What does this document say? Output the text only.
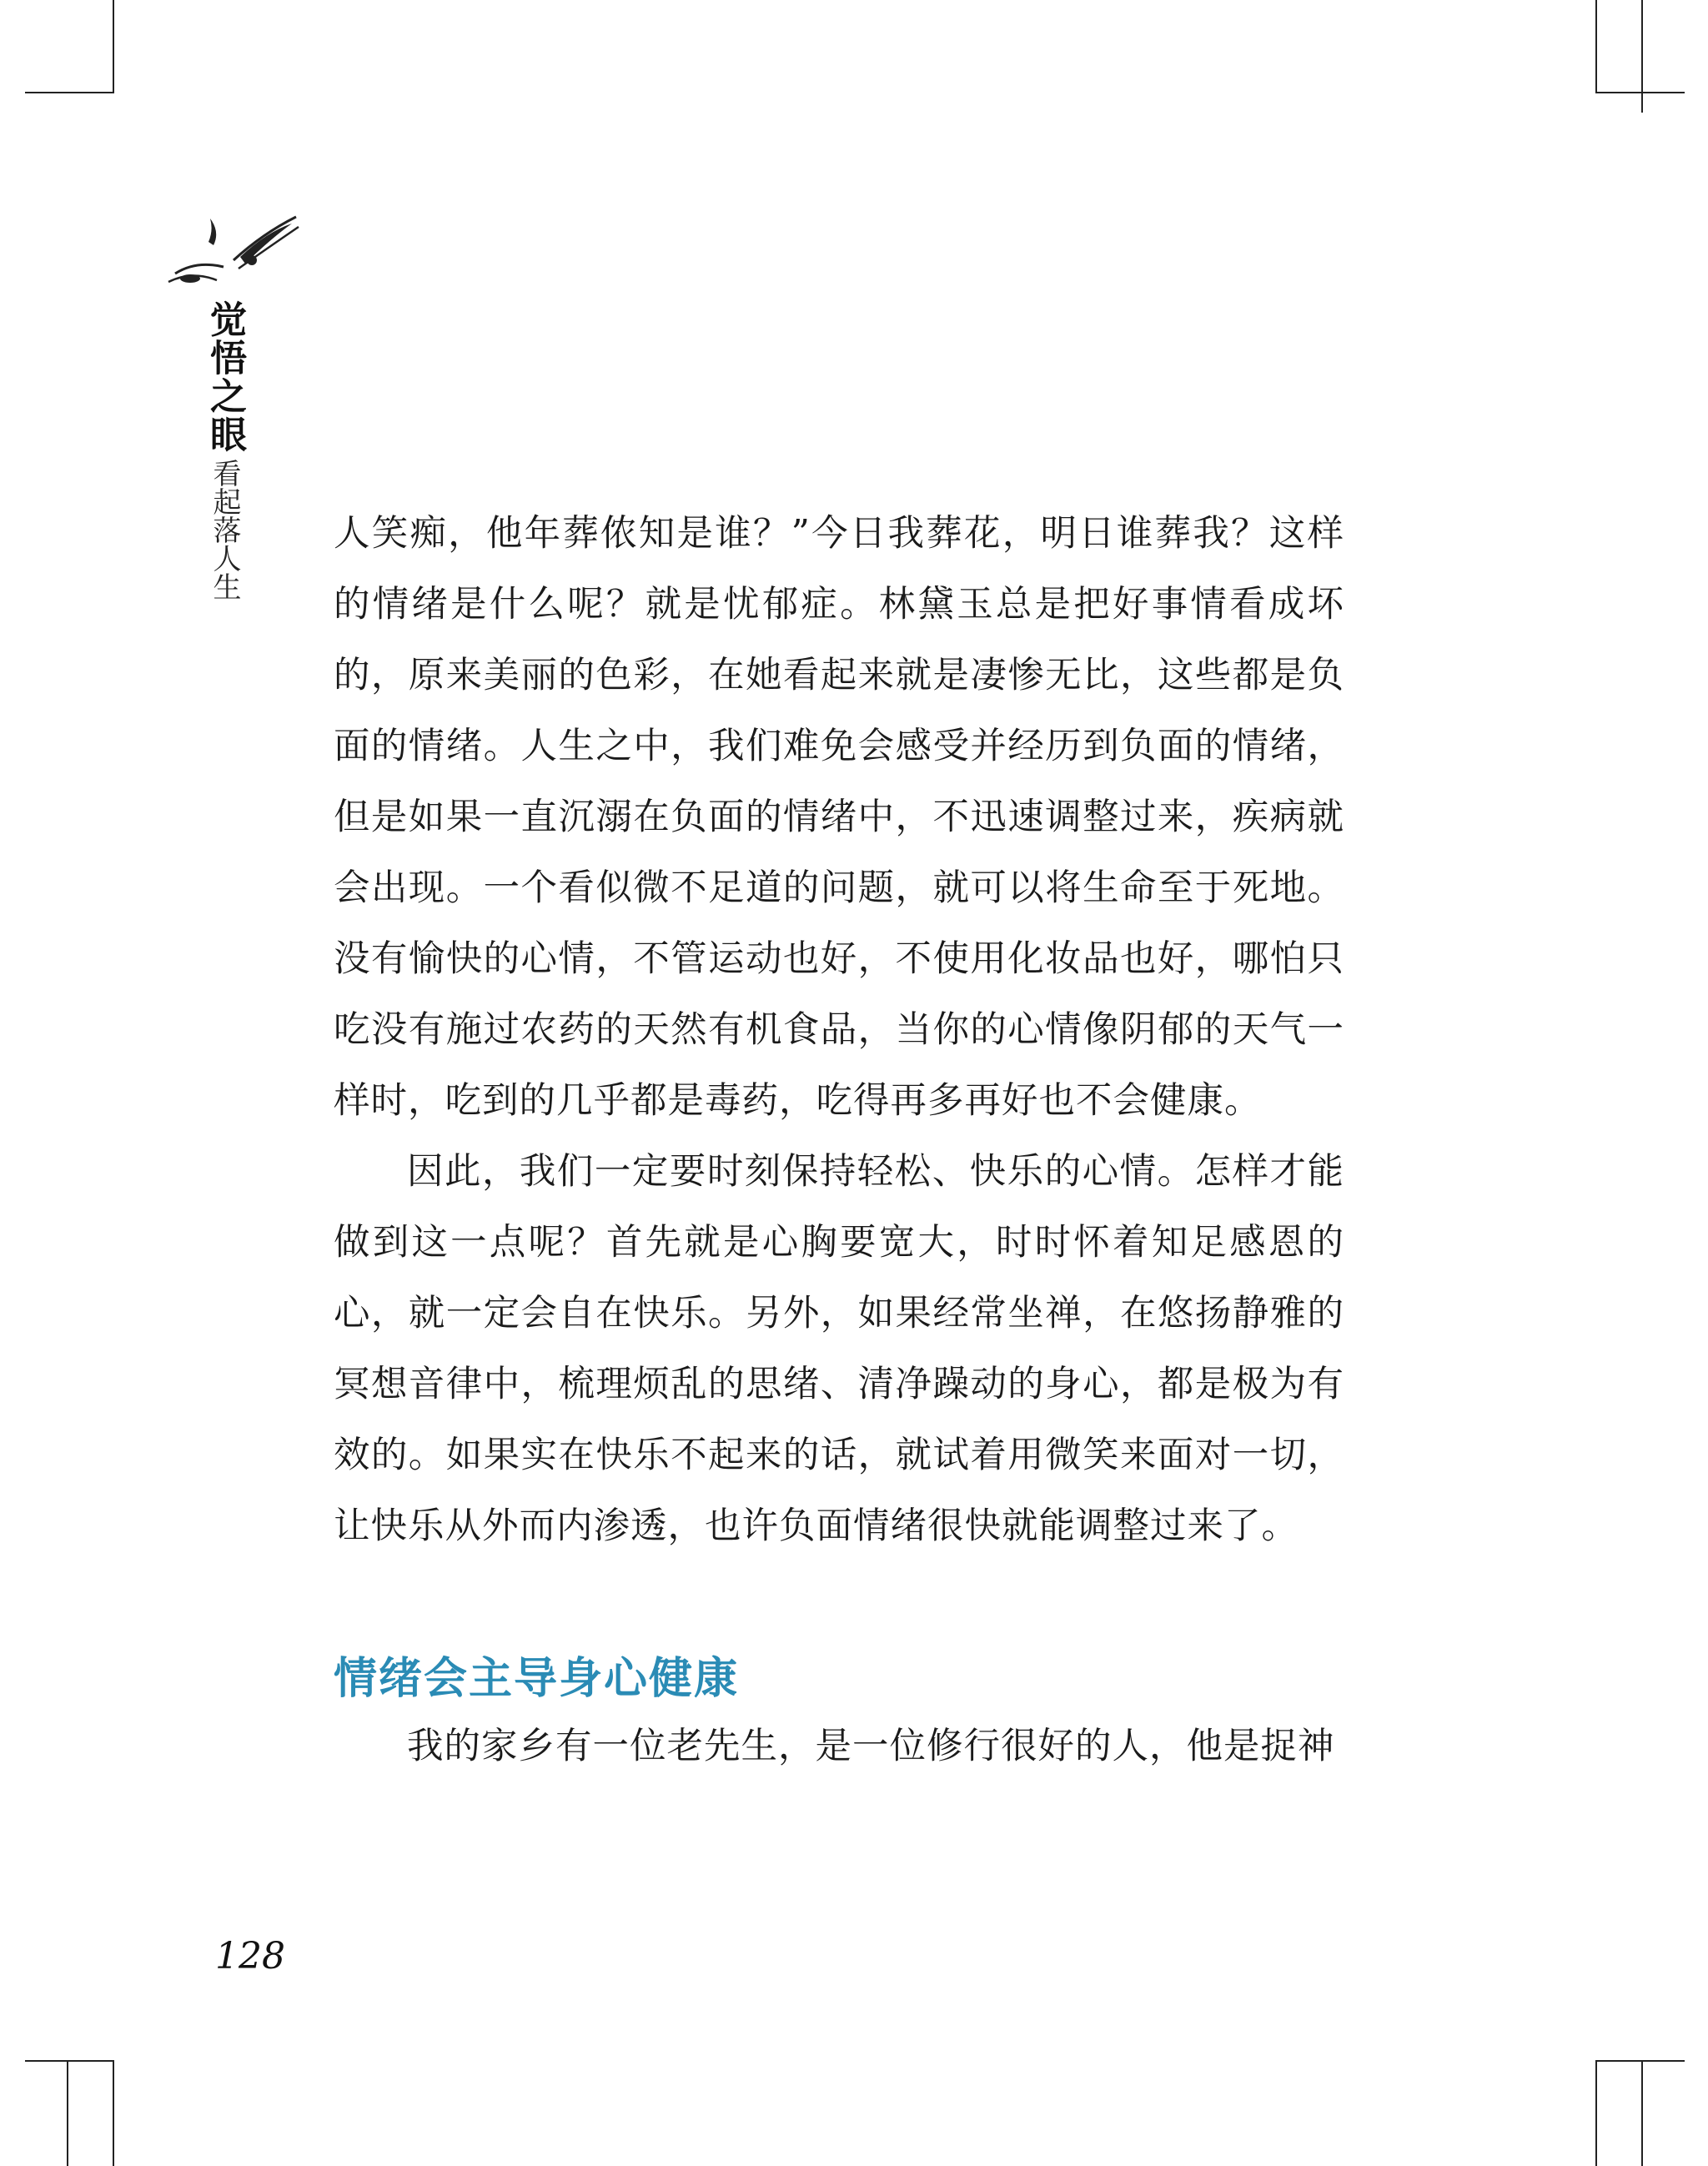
觉悟之眼
看起落人生	人笑痴，他年葬侬知是谁？”今日我葬花，明日谁葬我？这样的情绪是什么呢？就是忧郁症。林黛玉总是把好事情看成坏的，原来美丽的色彩，在她看起来就是凄惨无比，这些都是负面的情绪。人生之中，我们难免会感受并经历到负面的情绪，但是如果一直沉溺在负面的情绪中，不迅速调整过来，疾病就会出现。一个看似微不足道的问题，就可以将生命至于死地。没有愉快的心情，不管运动也好，不使用化妆品也好，哪怕只吃没有施过农药的天然有机食品，当你的心情像阴郁的天气一样时，吃到的几乎都是毒药，吃得再多再好也不会健康。

因此，我们一定要时刻保持轻松、快乐的心情。怎样才能做到这一点呢？首先就是心胸要宽大，时时怀着知足感恩的心，就一定会自在快乐。另外，如果经常坐禅，在悠扬静雅的冥想音律中，梳理烦乱的思绪、清净躁动的身心，都是极为有效的。如果实在快乐不起来的话，就试着用微笑来面对一切，让快乐从外而内渗透，也许负面情绪很快就能调整过来了。

情绪会主导身心健康

我的家乡有一位老先生，是一位修行很好的人，他是捉神

128
